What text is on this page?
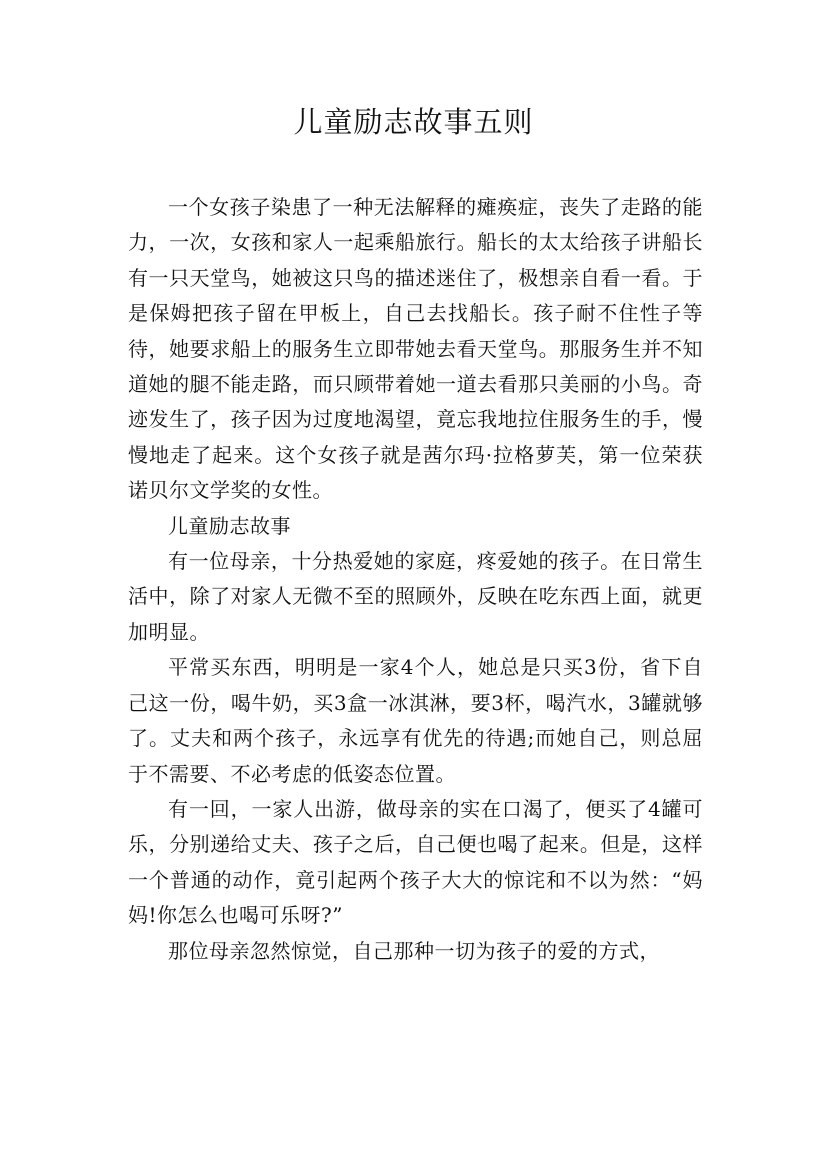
儿童励志故事五则

一个女孩子染患了一种无法解释的瘫痪症，丧失了走路的能力，一次，女孩和家人一起乘船旅行。船长的太太给孩子讲船长有一只天堂鸟，她被这只鸟的描述迷住了，极想亲自看一看。于是保姆把孩子留在甲板上，自己去找船长。孩子耐不住性子等待，她要求船上的服务生立即带她去看天堂鸟。那服务生并不知道她的腿不能走路，而只顾带着她一道去看那只美丽的小鸟。奇迹发生了，孩子因为过度地渴望，竟忘我地拉住服务生的手，慢慢地走了起来。这个女孩子就是茜尔玛·拉格萝芙，第一位荣获诺贝尔文学奖的女性。

儿童励志故事

有一位母亲，十分热爱她的家庭，疼爱她的孩子。在日常生活中，除了对家人无微不至的照顾外，反映在吃东西上面，就更加明显。

平常买东西，明明是一家4个人，她总是只买3份，省下自己这一份，喝牛奶，买3盒一冰淇淋，要3杯，喝汽水，3罐就够了。丈夫和两个孩子，永远享有优先的待遇;而她自己，则总屈于不需要、不必考虑的低姿态位置。

有一回，一家人出游，做母亲的实在口渴了，便买了4罐可乐，分别递给丈夫、孩子之后，自己便也喝了起来。但是，这样一个普通的动作，竟引起两个孩子大大的惊诧和不以为然：“妈妈!你怎么也喝可乐呀?”

那位母亲忽然惊觉，自己那种一切为孩子的爱的方式，
